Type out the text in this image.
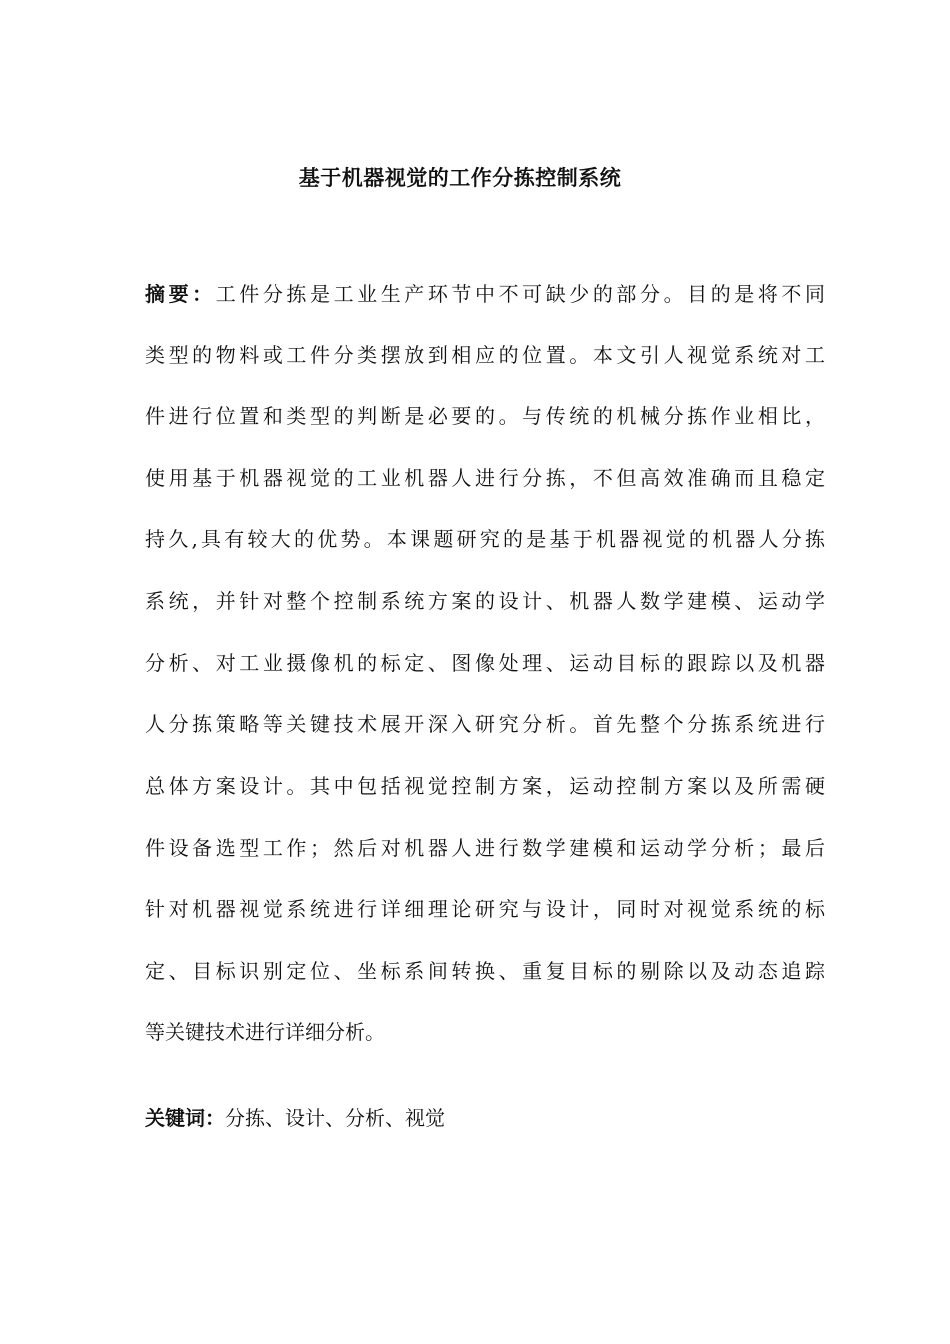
基于机器视觉的工作分拣控制系统
摘要：工件分拣是工业生产环节中不可缺少的部分。目的是将不同
类型的物料或工件分类摆放到相应的位置。本文引人视觉系统对工
件进行位置和类型的判断是必要的。与传统的机械分拣作业相比，
使用基于机器视觉的工业机器人进行分拣，不但高效准确而且稳定
持久,具有较大的优势。本课题研究的是基于机器视觉的机器人分拣
系统，并针对整个控制系统方案的设计、机器人数学建模、运动学
分析、对工业摄像机的标定、图像处理、运动目标的跟踪以及机器
人分拣策略等关键技术展开深入研究分析。首先整个分拣系统进行
总体方案设计。其中包括视觉控制方案，运动控制方案以及所需硬
件设备选型工作；然后对机器人进行数学建模和运动学分析；最后
针对机器视觉系统进行详细理论研究与设计，同时对视觉系统的标
定、目标识别定位、坐标系间转换、重复目标的剔除以及动态追踪
等关键技术进行详细分析。
关键词：分拣、设计、分析、视觉
